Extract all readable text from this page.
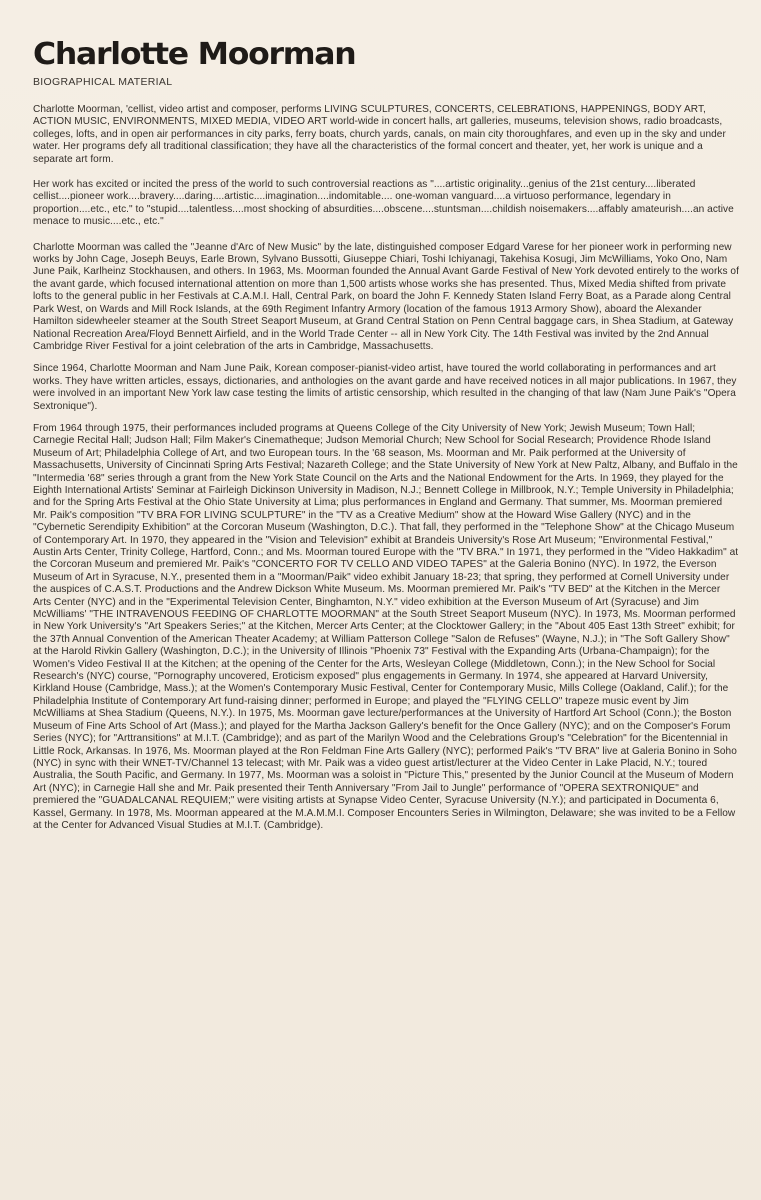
Charlotte Moorman
BIOGRAPHICAL MATERIAL

Charlotte Moorman, 'cellist, video artist and composer, performs LIVING SCULPTURES, CONCERTS, CELEBRATIONS, HAPPENINGS, BODY ART, ACTION MUSIC, ENVIRONMENTS, MIXED MEDIA, VIDEO ART world-wide in concert halls, art galleries, museums, television shows, radio broadcasts, colleges, lofts, and in open air performances in city parks, ferry boats, church yards, canals, on main city thoroughfares, and even up in the sky and under water. Her programs defy all traditional classification; they have all the characteristics of the formal concert and theater, yet, her work is unique and a separate art form.

Her work has excited or incited the press of the world to such controversial reactions as "....artistic originality...genius of the 21st century....liberated cellist....pioneer work....bravery....daring....artistic....imagination....indomitable.... one-woman vanguard....a virtuoso performance, legendary in proportion....etc., etc." to "stupid....talentless....most shocking of absurdities....obscene....stuntsman....childish noisemakers....affably amateurish....an active menace to music....etc., etc."

Charlotte Moorman was called the "Jeanne d'Arc of New Music" by the late, distinguished composer Edgard Varese for her pioneer work in performing new works by John Cage, Joseph Beuys, Earle Brown, Sylvano Bussotti, Giuseppe Chiari, Toshi Ichiyanagi, Takehisa Kosugi, Jim McWilliams, Yoko Ono, Nam June Paik, Karlheinz Stockhausen, and others. In 1963, Ms. Moorman founded the Annual Avant Garde Festival of New York devoted entirely to the works of the avant garde, which focused international attention on more than 1,500 artists whose works she has presented. Thus, Mixed Media shifted from private lofts to the general public in her Festivals at C.A.M.I. Hall, Central Park, on board the John F. Kennedy Staten Island Ferry Boat, as a Parade along Central Park West, on Wards and Mill Rock Islands, at the 69th Regiment Infantry Armory (location of the famous 1913 Armory Show), aboard the Alexander Hamilton sidewheeler steamer at the South Street Seaport Museum, at Grand Central Station on Penn Central baggage cars, in Shea Stadium, at Gateway National Recreation Area/Floyd Bennett Airfield, and in the World Trade Center -- all in New York City. The 14th Festival was invited by the 2nd Annual Cambridge River Festival for a joint celebration of the arts in Cambridge, Massachusetts.

Since 1964, Charlotte Moorman and Nam June Paik, Korean composer-pianist-video artist, have toured the world collaborating in performances and art works. They have written articles, essays, dictionaries, and anthologies on the avant garde and have received notices in all major publications. In 1967, they were involved in an important New York law case testing the limits of artistic censorship, which resulted in the changing of that law (Nam June Paik's "Opera Sextronique").

From 1964 through 1975, their performances included programs at Queens College of the City University of New York; Jewish Museum; Town Hall; Carnegie Recital Hall; Judson Hall; Film Maker's Cinematheque; Judson Memorial Church; New School for Social Research; Providence Rhode Island Museum of Art; Philadelphia College of Art, and two European tours. In the '68 season, Ms. Moorman and Mr. Paik performed at the University of Massachusetts, University of Cincinnati Spring Arts Festival; Nazareth College; and the State University of New York at New Paltz, Albany, and Buffalo in the "Intermedia '68" series through a grant from the New York State Council on the Arts and the National Endowment for the Arts. In 1969, they played for the Eighth International Artists' Seminar at Fairleigh Dickinson University in Madison, N.J.; Bennett College in Millbrook, N.Y.; Temple University in Philadelphia; and for the Spring Arts Festival at the Ohio State University at Lima; plus performances in England and Germany. That summer, Ms. Moorman premiered Mr. Paik's composition "TV BRA FOR LIVING SCULPTURE" in the "TV as a Creative Medium" show at the Howard Wise Gallery (NYC) and in the "Cybernetic Serendipity Exhibition" at the Corcoran Museum (Washington, D.C.). That fall, they performed in the "Telephone Show" at the Chicago Museum of Contemporary Art. In 1970, they appeared in the "Vision and Television" exhibit at Brandeis University's Rose Art Museum; "Environmental Festival," Austin Arts Center, Trinity College, Hartford, Conn.; and Ms. Moorman toured Europe with the "TV BRA." In 1971, they performed in the "Video Hakkadim" at the Corcoran Museum and premiered Mr. Paik's "CONCERTO FOR TV CELLO AND VIDEO TAPES" at the Galeria Bonino (NYC). In 1972, the Everson Museum of Art in Syracuse, N.Y., presented them in a "Moorman/Paik" video exhibit January 18-23; that spring, they performed at Cornell University under the auspices of C.A.S.T. Productions and the Andrew Dickson White Museum. Ms. Moorman premiered Mr. Paik's "TV BED" at the Kitchen in the Mercer Arts Center (NYC) and in the "Experimental Television Center, Binghamton, N.Y." video exhibition at the Everson Museum of Art (Syracuse) and Jim McWilliams' "THE INTRAVENOUS FEEDING OF CHARLOTTE MOORMAN" at the South Street Seaport Museum (NYC). In 1973, Ms. Moorman performed in New York University's "Art Speakers Series;" at the Kitchen, Mercer Arts Center; at the Clocktower Gallery; in the "About 405 East 13th Street" exhibit; for the 37th Annual Convention of the American Theater Academy; at William Patterson College "Salon de Refuses" (Wayne, N.J.); in "The Soft Gallery Show" at the Harold Rivkin Gallery (Washington, D.C.); in the University of Illinois "Phoenix 73" Festival with the Expanding Arts (Urbana-Champaign); for the Women's Video Festival II at the Kitchen; at the opening of the Center for the Arts, Wesleyan College (Middletown, Conn.); in the New School for Social Research's (NYC) course, "Pornography uncovered, Eroticism exposed" plus engagements in Germany. In 1974, she appeared at Harvard University, Kirkland House (Cambridge, Mass.); at the Women's Contemporary Music Festival, Center for Contemporary Music, Mills College (Oakland, Calif.); for the Philadelphia Institute of Contemporary Art fund-raising dinner; performed in Europe; and played the "FLYING CELLO" trapeze music event by Jim McWilliams at Shea Stadium (Queens, N.Y.). In 1975, Ms. Moorman gave lecture/performances at the University of Hartford Art School (Conn.); the Boston Museum of Fine Arts School of Art (Mass.); and played for the Martha Jackson Gallery's benefit for the Once Gallery (NYC); and on the Composer's Forum Series (NYC); for "Arttransitions" at M.I.T. (Cambridge); and as part of the Marilyn Wood and the Celebrations Group's "Celebration" for the Bicentennial in Little Rock, Arkansas. In 1976, Ms. Moorman played at the Ron Feldman Fine Arts Gallery (NYC); performed Paik's "TV BRA" live at Galeria Bonino in Soho (NYC) in sync with their WNET-TV/Channel 13 telecast; with Mr. Paik was a video guest artist/lecturer at the Video Center in Lake Placid, N.Y.; toured Australia, the South Pacific, and Germany. In 1977, Ms. Moorman was a soloist in "Picture This," presented by the Junior Council at the Museum of Modern Art (NYC); in Carnegie Hall she and Mr. Paik presented their Tenth Anniversary "From Jail to Jungle" performance of "OPERA SEXTRONIQUE" and premiered the "GUADALCANAL REQUIEM;" were visiting artists at Synapse Video Center, Syracuse University (N.Y.); and participated in Documenta 6, Kassel, Germany. In 1978, Ms. Moorman appeared at the M.A.M.M.I. Composer Encounters Series in Wilmington, Delaware; she was invited to be a Fellow at the Center for Advanced Visual Studies at M.I.T. (Cambridge).
